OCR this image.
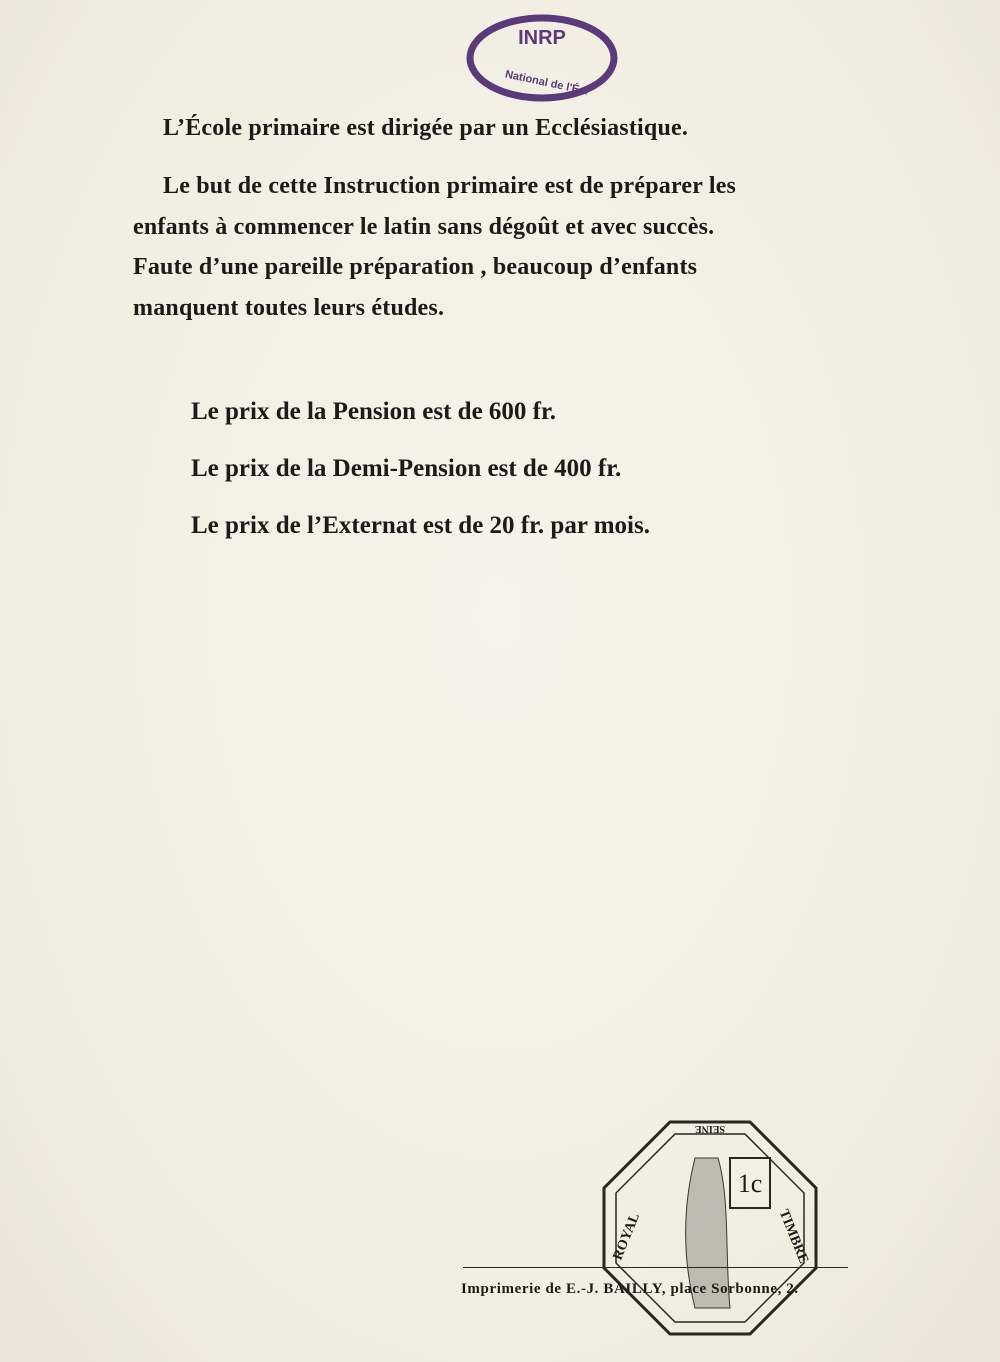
INRP
National de l'É...
L’École primaire est dirigée par un Ecclésiastique.
Le but de cette Instruction primaire est de préparer les
enfants à commencer le latin sans dégoût et avec succès.
Faute d’une pareille préparation , beaucoup d’enfants
manquent toutes leurs études.
Le prix de la Pension est de 600 fr.
Le prix de la Demi-Pension est de 400 fr.
Le prix de l’Externat est de 20 fr. par mois.
1c
SEINE
ROYAL	TIMBRE
Imprimerie de E.-J. BAILLY, place Sorbonne, 2.
